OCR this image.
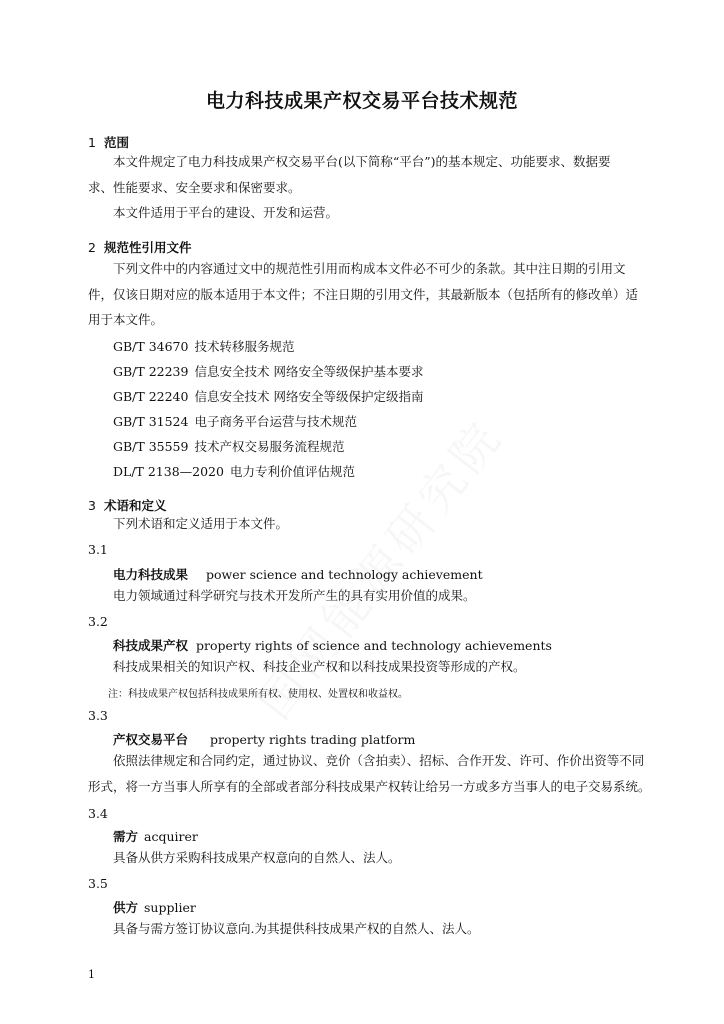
电力科技成果产权交易平台技术规范
1 范围
本文件规定了电力科技成果产权交易平台(以下简称“平台”)的基本规定、功能要求、数据要
求、性能要求、安全要求和保密要求。
本文件适用于平台的建设、开发和运营。
2 规范性引用文件
下列文件中的内容通过文中的规范性引用而构成本文件必不可少的条款。其中注日期的引用文
件，仅该日期对应的版本适用于本文件；不注日期的引用文件，其最新版本（包括所有的修改单）适
用于本文件。
GB/T 34670 技术转移服务规范
GB/T 22239 信息安全技术 网络安全等级保护基本要求
GB/T 22240 信息安全技术 网络安全等级保护定级指南
GB/T 31524 电子商务平台运营与技术规范
GB/T 35559 技术产权交易服务流程规范
DL/T 2138—2020 电力专利价值评估规范
3 术语和定义
下列术语和定义适用于本文件。
3.1
电力科技成果 power science and technology achievement
电力领域通过科学研究与技术开发所产生的具有实用价值的成果。
3.2
科技成果产权 property rights of science and technology achievements
科技成果相关的知识产权、科技企业产权和以科技成果投资等形成的产权。
注：科技成果产权包括科技成果所有权、使用权、处置权和收益权。
3.3
产权交易平台 property rights trading platform
依照法律规定和合同约定，通过协议、竞价（含拍卖）、招标、合作开发、许可、作价出资等不同
形式，将一方当事人所享有的全部或者部分科技成果产权转让给另一方或多方当事人的电子交易系统。
3.4
需方 acquirer
具备从供方采购科技成果产权意向的自然人、法人。
3.5
供方 supplier
具备与需方签订协议意向.为其提供科技成果产权的自然人、法人。
1
